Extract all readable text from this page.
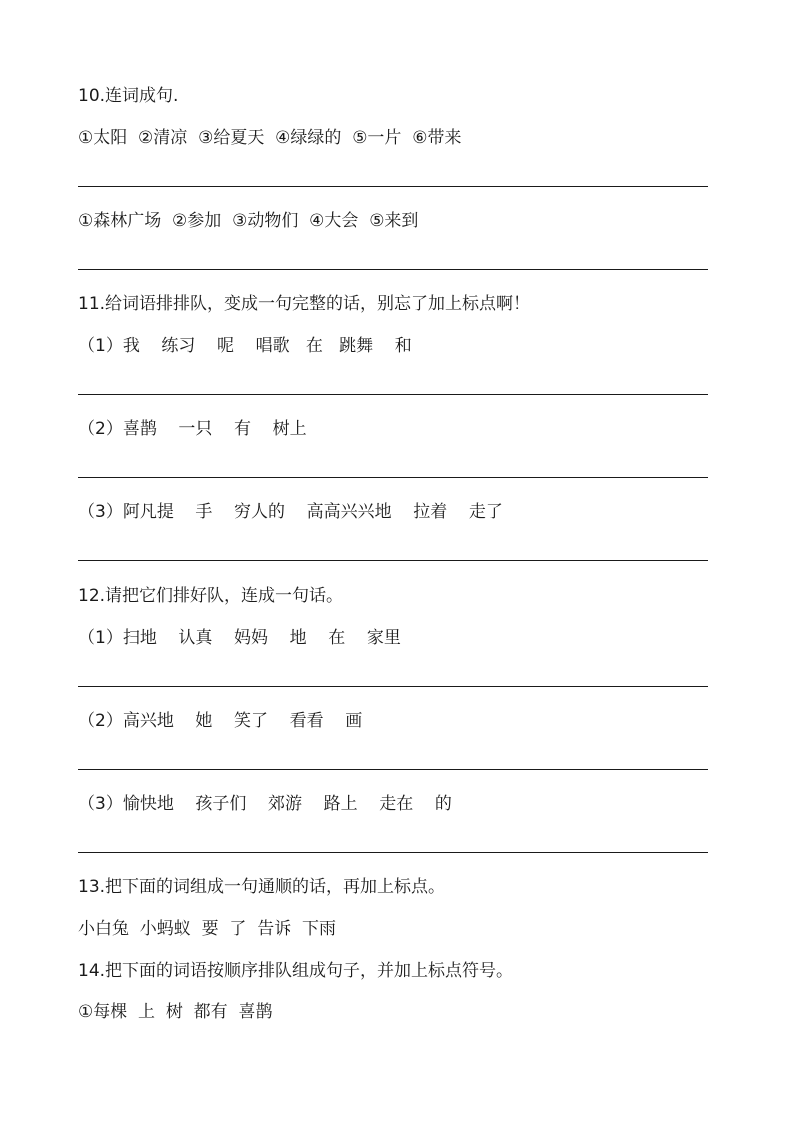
10.连词成句.
①太阳  ②清凉  ③给夏天  ④绿绿的  ⑤一片  ⑥带来
①森林广场  ②参加  ③动物们  ④大会  ⑤来到
11.给词语排排队，变成一句完整的话，别忘了加上标点啊！
（1）我    练习    呢    唱歌   在   跳舞    和
（2）喜鹊    一只    有    树上
（3）阿凡提    手    穷人的    高高兴兴地    拉着    走了
12.请把它们排好队，连成一句话。
（1）扫地    认真    妈妈    地    在    家里
（2）高兴地    她    笑了    看看    画
（3）愉快地    孩子们    郊游    路上    走在    的
13.把下面的词组成一句通顺的话，再加上标点。
小白兔  小蚂蚁  要  了  告诉  下雨
14.把下面的词语按顺序排队组成句子，并加上标点符号。
①每棵  上  树  都有  喜鹊
